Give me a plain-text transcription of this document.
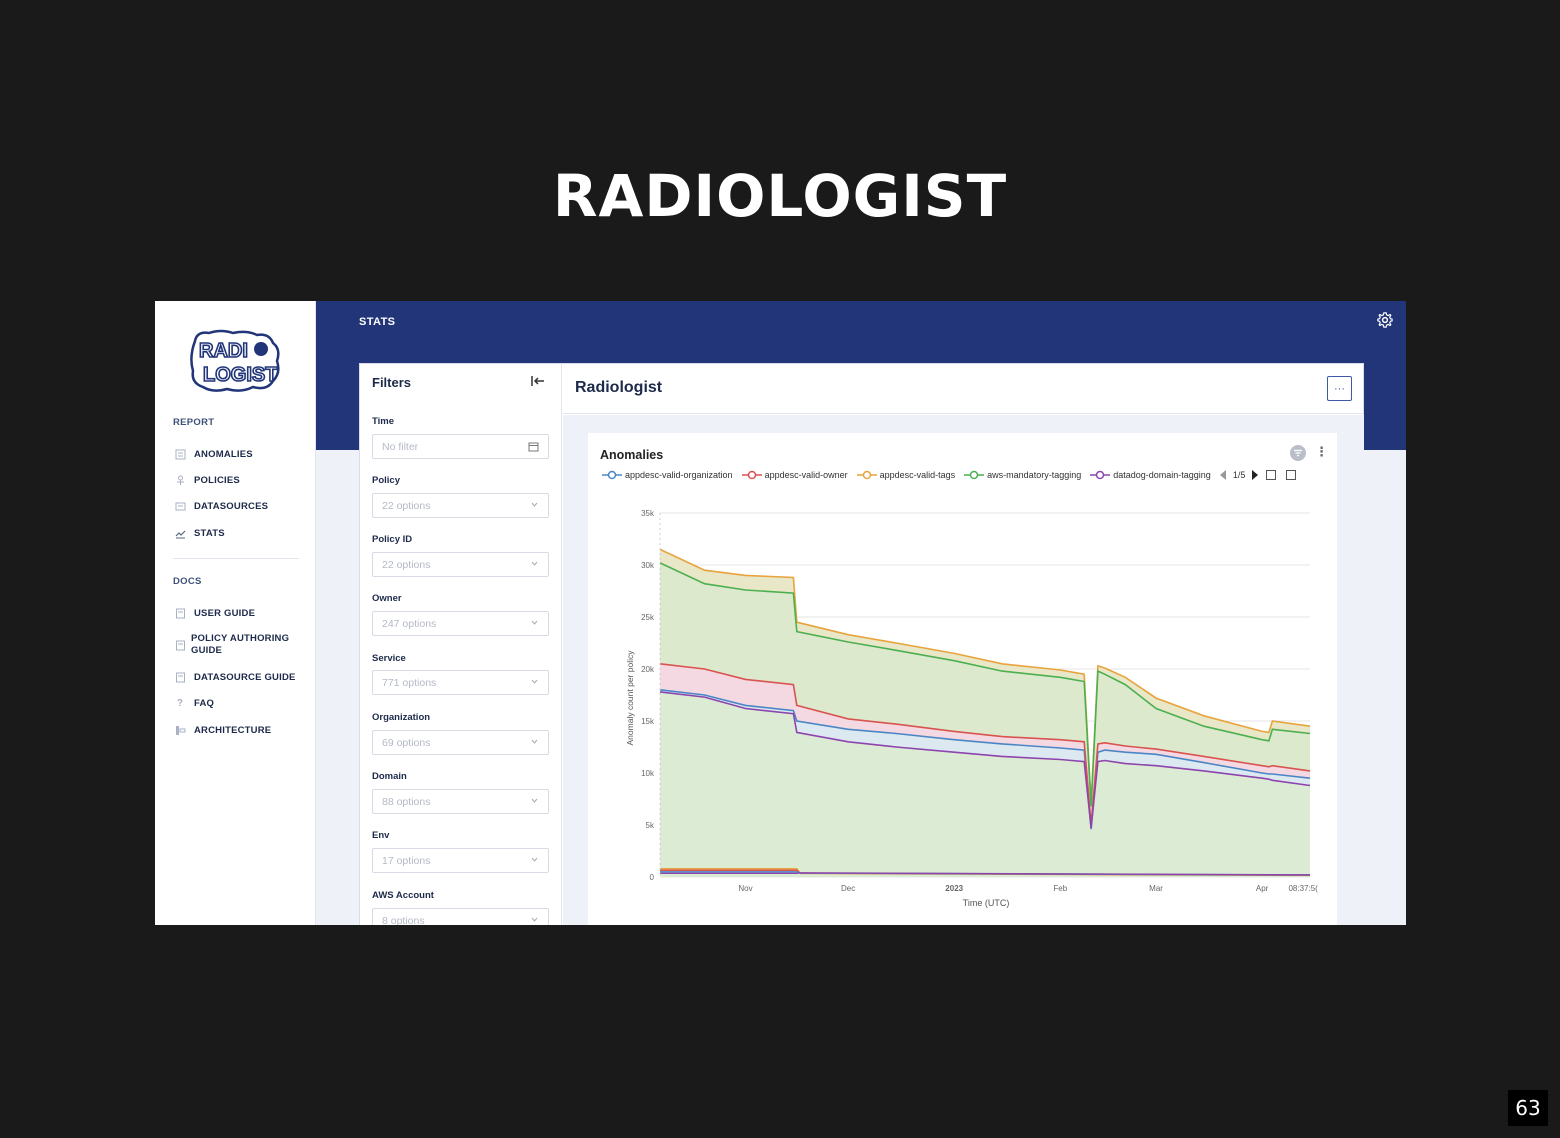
RADIOLOGIST
RADI
LOGIST
REPORT
ANOMALIES
POLICIES
DATASOURCES
STATS
DOCS
USER GUIDE
POLICY AUTHORING GUIDE
DATASOURCE GUIDE
?	FAQ
ARCHITECTURE
STATS
Filters
Time
No filter
Policy
22 options
Policy ID
22 options
Owner
247 options
Service
771 options
Organization
69 options
Domain
88 options
Env
17 options
AWS Account
8 options
Radiologist	···
Anomalies	⋮
appdesc-valid-organization	appdesc-valid-owner	appdesc-valid-tags	aws-mandatory-tagging	datadog-domain-tagging 1/5
0
5k
10k
15k
20k
25k
30k
35k
Nov	Dec	2023	Feb	Mar	Apr	08:37:5(
Anomaly count per policy
Time (UTC)
63
